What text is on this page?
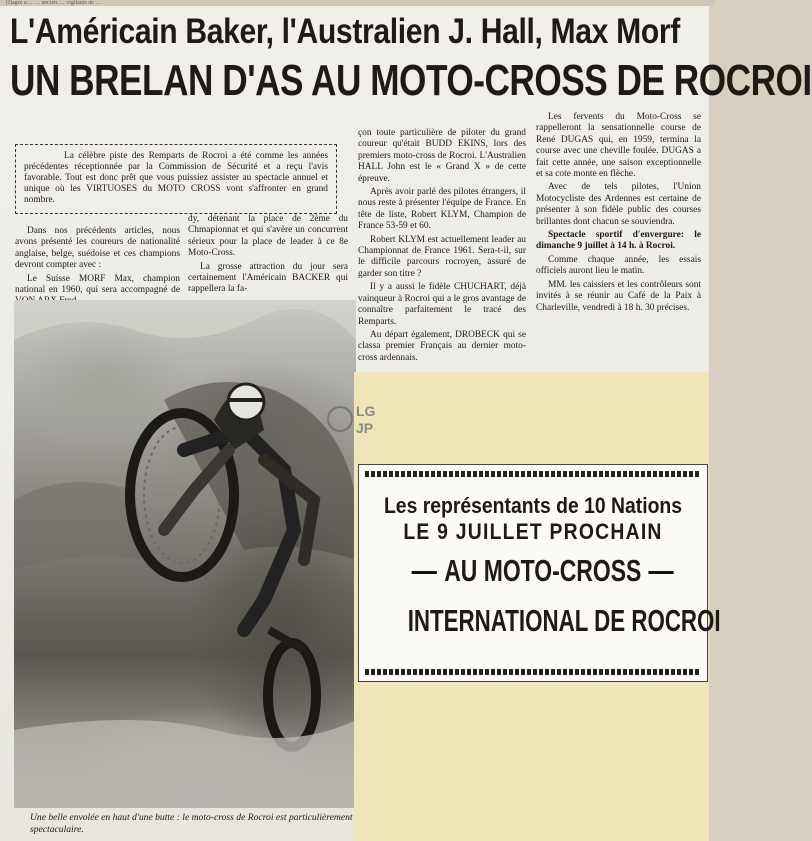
(I)agre a… … ancien … vigilants de …
L'Américain Baker, l'Australien J. Hall, Max Morf
UN BRELAN D'AS AU MOTO-CROSS DE ROCROI
La célèbre piste des Remparts de Rocroi a été comme les années précédentes réceptionnée par la Commission de Sécurité et a reçu l'avis favorable. Tout est donc prêt que vous puissiez assister au spectacle annuel et unique où les VIRTUOSES du MOTO CROSS vont s'affronter en grand nombre.

Dans nos précédents articles, nous avons présenté les coureurs de nationalité anglaise, belge, suédoise et ces champions devront compter avec :

Le Suisse MORF Max, champion national en 1960, qui sera accompagné de

dy, détenant la place de 2ème du Chmapionnat et qui s'avère un concurrent sérieux pour la place de leader à ce 8e Moto-Cross.

La grosse attraction du jour sera certainement l'Américain BACKER qui rappellera la fa-

çon toute particulière de piloter du grand coureur qu'était BUDD EKINS, lors des premiers moto-cross de Rocroi. L'Australien HALL John est le « Grand X » de cette épreuve.

Après avoir parlé des pilotes étrangers, il nous reste à présenter l'équipe de France. En tête de liste, Robert KLYM, Champion de France 53-59 et 60.

Robert KLYM est actuellement leader au Championnat de France 1961. Sera-t-il, sur le difficile parcours rocroyen, assuré de garder son titre ?

Il y a aussi le fidèle CHUCHART, déjà vainqueur à Rocroi qui a le gros avantage de connaître parfaitement le tracé des Remparts.

Au départ également, DROBECK qui se classa premier Français au dernier moto-cross ardennais.

Les fervents du Moto-Cross se rappelleront la sensationnelle course de René DUGAS qui, en 1959, termina la course avec une cheville foulée. DUGAS a fait cette année, une saison exceptionnelle et sa cote monte en flèche.

Avec de tels pilotes, l'Union Motocycliste des Ardennes est certaine de présenter à son fidèle public des courses brillantes dont chacun se souviendra.

Spectacle sportif d'envergure: le dimanche 9 juillet à 14 h. à Rocroi.

Comme chaque année, les essais officiels auront lieu le matin.

MM. les caissiers et les contrôleurs sont invités à se réunir au Café de la Paix à Charleville, vendredi à 18 h. 30 précises.

Une belle envolée en haut d'une butte : le moto-cross de Rocroi est particulièrement spectaculaire.
LG
JP
Les représentants de 10 Nations
LE 9 JUILLET PROCHAIN
AU MOTO-CROSS
INTERNATIONAL DE ROCROI
